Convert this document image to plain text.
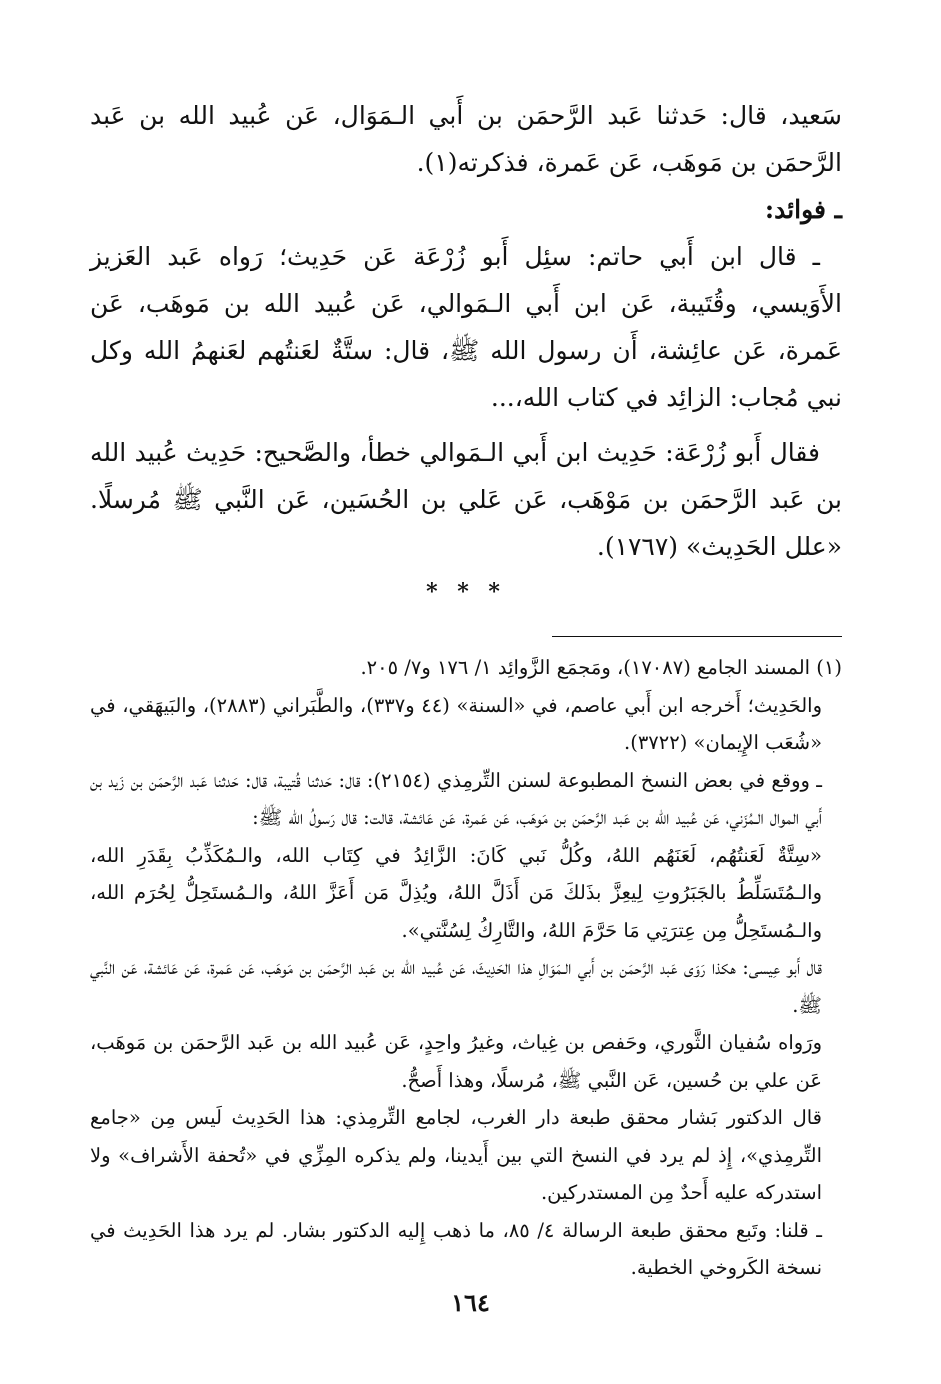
سَعيد، قال: حَدثنا عَبد الرَّحمَن بن أَبي الـمَوَال، عَن عُبيد الله بن عَبد الرَّحمَن بن مَوهَب، عَن عَمرة، فذكرته(١).

ـ فوائد:

ـ قال ابن أَبي حاتم: سئِل أَبو زُرْعَة عَن حَدِيث؛ رَواه عَبد العَزيز الأَوَيسي، وقُتَيبة، عَن ابن أَبي الـمَوالي، عَن عُبيد الله بن مَوهَب، عَن عَمرة، عَن عائِشة، أَن رسول الله ﷺ، قال: ستَّةٌ لعَنتُهم لعَنهمُ الله وكل نبي مُجاب: الزائِد في كتاب الله،...

فقال أَبو زُرْعَة: حَدِيث ابن أَبي الـمَوالي خطأ، والصَّحيح: حَدِيث عُبيد الله بن عَبد الرَّحمَن بن مَوْهَب، عَن عَلي بن الحُسَين، عَن النَّبي ﷺ مُرسلًا. «علل الحَدِيث» (١٧٦٧).

* * *

(١) المسند الجامع (١٧٠٨٧)، ومَجمَع الزَّوائِد ١/ ١٧٦ و٧/ ٢٠٥.

والحَدِيث؛ أَخرجه ابن أَبي عاصم، في «السنة» (٤٤ و٣٣٧)، والطَّبَراني (٢٨٨٣)، والبَيهَقي، في «شُعَب الإِيمان» (٣٧٢٢).

ـ ووقع في بعض النسخ المطبوعة لسنن التِّرمِذي (٢١٥٤): قال: حَدثنا قُتيبة، قال: حَدثنا عَبد الرَّحمَن بن زَيد بن أَبي الموال الـمُزَني، عَن عُبيد الله بن عَبد الرَّحمَن بن مَوهَب، عَن عَمرة، عَن عَائشة، قالت: قال رَسولُ الله ﷺ:

«سِتَّةٌ لَعَنتُهُم، لَعَنَهُم اللهُ، وكُلُّ نَبي كَانَ: الزَّائِدُ في كِتَاب الله، والـمُكَذِّبُ بِقَدَرِ الله، والـمُتَسَلِّطُ بالجَبَرُوتِ لِيعِزَّ بذَلكَ مَن أَذَلَّ اللهُ، ويُذِلَّ مَن أَعَزَّ اللهُ، والـمُستَحِلُّ لِحُرَم الله، والـمُستَحِلُّ مِن عِترَتِي مَا حَرَّمَ اللهُ، والتَّارِكُ لِسُنَّتي».

قال أَبو عِيسى: هكذا رَوَى عَبد الرَّحمَن بن أَبي الـمَوَالِ هذا الحَدِيثَ، عَن عُبيد الله بن عَبد الرَّحمَن بن مَوهَب، عَن عَمرة، عَن عَائشة، عَن النَّبي ﷺ.

ورَواه سُفيان الثَّوري، وحَفص بن غِياث، وغيرُ واحِدٍ، عَن عُبيد الله بن عَبد الرَّحمَن بن مَوهَب، عَن علي بن حُسين، عَن النَّبي ﷺ، مُرسلًا، وهذا أَصحُّ.

قال الدكتور بَشار محقق طبعة دار الغرب، لجامع التِّرمِذي: هذا الحَدِيث لَيس مِن «جامع التِّرمِذي»، إِذ لم يرد في النسخ التي بين أَيدينا، ولم يذكره المِزِّي في «تُحفة الأَشراف» ولا استدركه عليه أَحدٌ مِن المستدركين.

ـ قلنا: وتَبع محقق طبعة الرسالة ٤/ ٨٥، ما ذهب إِليه الدكتور بشار. لم يرد هذا الحَدِيث في نسخة الكَروخي الخطية.

١٦٤
